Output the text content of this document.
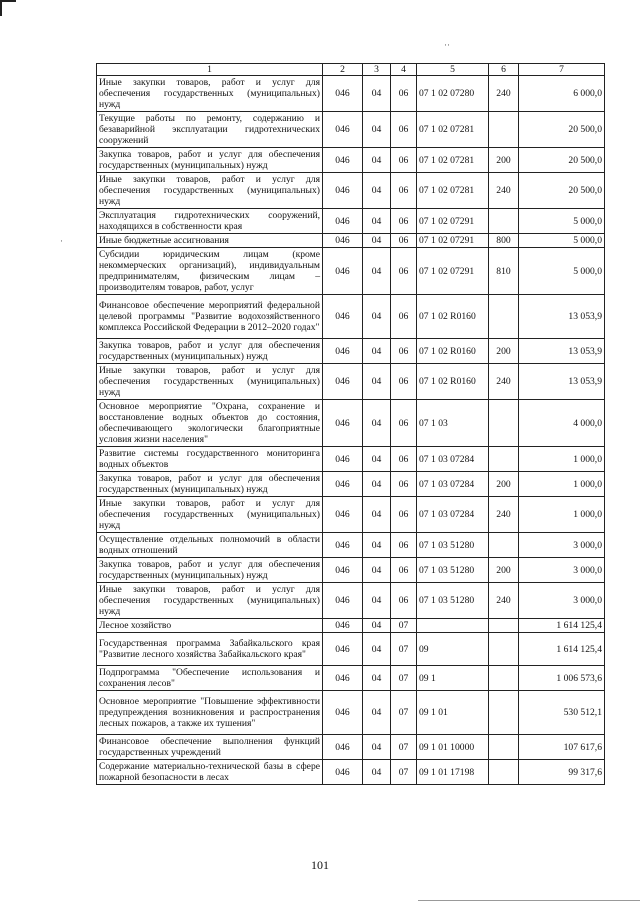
··
·
1	2	3	4	5	6	7
Иные закупки товаров, работ и услуг для обеспечения государственных (муниципальных) нужд	046	04	06	07 1 02 07280	240	6 000,0
Текущие работы по ремонту, содержанию и безаварийной эксплуатации гидротехнических сооружений	046	04	06	07 1 02 07281		20 500,0
Закупка товаров, работ и услуг для обеспечения государственных (муниципальных) нужд	046	04	06	07 1 02 07281	200	20 500,0
Иные закупки товаров, работ и услуг для обеспечения государственных (муниципальных) нужд	046	04	06	07 1 02 07281	240	20 500,0
Эксплуатация гидротехнических сооружений, находящихся в собственности края	046	04	06	07 1 02 07291		5 000,0
Иные бюджетные ассигнования	046	04	06	07 1 02 07291	800	5 000,0
Субсидии юридическим лицам (кроме некоммерческих организаций), индивидуальным предпринимателям, физическим лицам – производителям товаров, работ, услуг	046	04	06	07 1 02 07291	810	5 000,0
Финансовое обеспечение мероприятий федеральной целевой программы "Развитие водохозяйственного комплекса Российской Федерации в 2012–2020 годах"	046	04	06	07 1 02 R0160		13 053,9
Закупка товаров, работ и услуг для обеспечения государственных (муниципальных) нужд	046	04	06	07 1 02 R0160	200	13 053,9
Иные закупки товаров, работ и услуг для обеспечения государственных (муниципальных) нужд	046	04	06	07 1 02 R0160	240	13 053,9
Основное мероприятие "Охрана, сохранение и восстановление водных объектов до состояния, обеспечивающего экологически благоприятные условия жизни населения"	046	04	06	07 1 03		4 000,0
Развитие системы государственного мониторинга водных объектов	046	04	06	07 1 03 07284		1 000,0
Закупка товаров, работ и услуг для обеспечения государственных (муниципальных) нужд	046	04	06	07 1 03 07284	200	1 000,0
Иные закупки товаров, работ и услуг для обеспечения государственных (муниципальных) нужд	046	04	06	07 1 03 07284	240	1 000,0
Осуществление отдельных полномочий в области водных отношений	046	04	06	07 1 03 51280		3 000,0
Закупка товаров, работ и услуг для обеспечения государственных (муниципальных) нужд	046	04	06	07 1 03 51280	200	3 000,0
Иные закупки товаров, работ и услуг для обеспечения государственных (муниципальных) нужд	046	04	06	07 1 03 51280	240	3 000,0
Лесное хозяйство	046	04	07			1 614 125,4
Государственная программа Забайкальского края "Развитие лесного хозяйства Забайкальского края"	046	04	07	09		1 614 125,4
Подпрограмма "Обеспечение использования и сохранения лесов"	046	04	07	09 1		1 006 573,6
Основное мероприятие "Повышение эффективности предупреждения возникновения и распространения лесных пожаров, а также их тушения"	046	04	07	09 1 01		530 512,1
Финансовое обеспечение выполнения функций государственных учреждений	046	04	07	09 1 01 10000		107 617,6
Содержание материально-технической базы в сфере пожарной безопасности в лесах	046	04	07	09 1 01 17198		99 317,6
101
